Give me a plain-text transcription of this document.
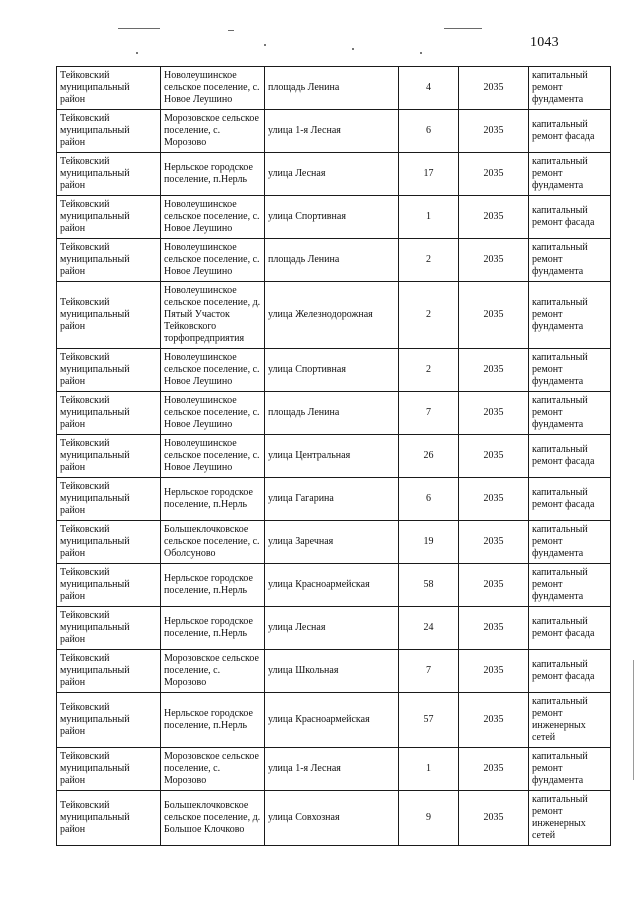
1043
Тейковский муниципальный район	Новолеушинское сельское поселение, с. Новое Леушино	площадь Ленина	4	2035	капитальный ремонт фундамента
Тейковский муниципальный район	Морозовское сельское поселение, с. Морозово	улица 1-я Лесная	6	2035	капитальный ремонт фасада
Тейковский муниципальный район	Нерльское городское поселение, п.Нерль	улица Лесная	17	2035	капитальный ремонт фундамента
Тейковский муниципальный район	Новолеушинское сельское поселение, с. Новое Леушино	улица Спортивная	1	2035	капитальный ремонт фасада
Тейковский муниципальный район	Новолеушинское сельское поселение, с. Новое Леушино	площадь Ленина	2	2035	капитальный ремонт фундамента
Тейковский муниципальный район	Новолеушинское сельское поселение, д. Пятый Участок Тейковского торфопредприятия	улица Железнодорожная	2	2035	капитальный ремонт фундамента
Тейковский муниципальный район	Новолеушинское сельское поселение, с. Новое Леушино	улица Спортивная	2	2035	капитальный ремонт фундамента
Тейковский муниципальный район	Новолеушинское сельское поселение, с. Новое Леушино	площадь Ленина	7	2035	капитальный ремонт фундамента
Тейковский муниципальный район	Новолеушинское сельское поселение, с. Новое Леушино	улица Центральная	26	2035	капитальный ремонт фасада
Тейковский муниципальный район	Нерльское городское поселение, п.Нерль	улица Гагарина	6	2035	капитальный ремонт фасада
Тейковский муниципальный район	Большеклочковское сельское поселение, с. Оболсуново	улица Заречная	19	2035	капитальный ремонт фундамента
Тейковский муниципальный район	Нерльское городское поселение, п.Нерль	улица Красноармейская	58	2035	капитальный ремонт фундамента
Тейковский муниципальный район	Нерльское городское поселение, п.Нерль	улица Лесная	24	2035	капитальный ремонт фасада
Тейковский муниципальный район	Морозовское сельское поселение, с. Морозово	улица Школьная	7	2035	капитальный ремонт фасада
Тейковский муниципальный район	Нерльское городское поселение, п.Нерль	улица Красноармейская	57	2035	капитальный ремонт инженерных сетей
Тейковский муниципальный район	Морозовское сельское поселение, с. Морозово	улица 1-я Лесная	1	2035	капитальный ремонт фундамента
Тейковский муниципальный район	Большеклочковское сельское поселение, д. Большое Клочково	улица Совхозная	9	2035	капитальный ремонт инженерных сетей
